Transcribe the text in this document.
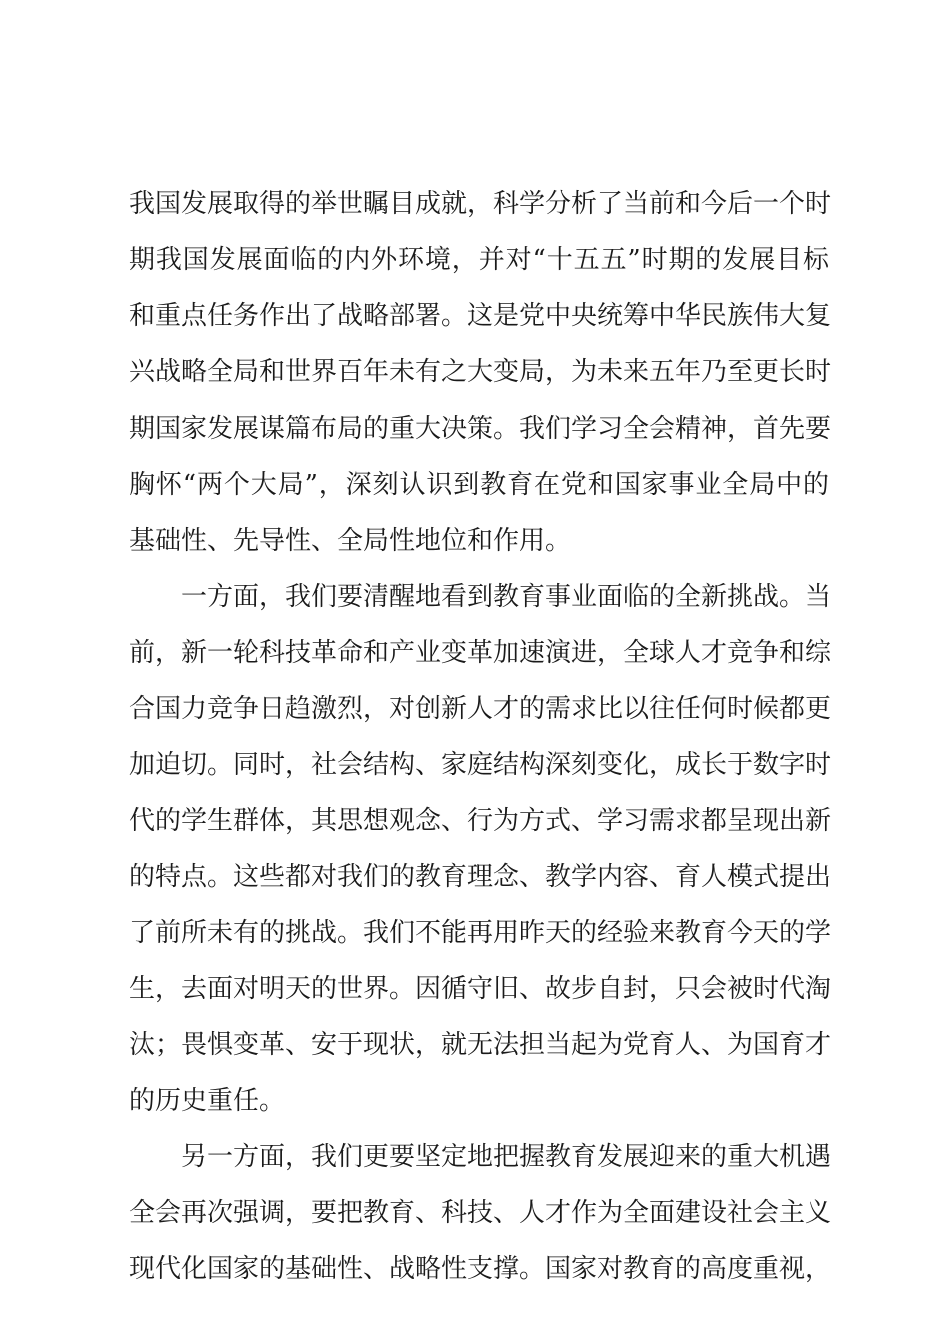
我国发展取得的举世瞩目成就，科学分析了当前和今后一个时
期我国发展面临的内外环境，并对“十五五”时期的发展目标
和重点任务作出了战略部署。这是党中央统筹中华民族伟大复
兴战略全局和世界百年未有之大变局，为未来五年乃至更长时
期国家发展谋篇布局的重大决策。我们学习全会精神，首先要
胸怀“两个大局”，深刻认识到教育在党和国家事业全局中的
基础性、先导性、全局性地位和作用。
一方面，我们要清醒地看到教育事业面临的全新挑战。当
前，新一轮科技革命和产业变革加速演进，全球人才竞争和综
合国力竞争日趋激烈，对创新人才的需求比以往任何时候都更
加迫切。同时，社会结构、家庭结构深刻变化，成长于数字时
代的学生群体，其思想观念、行为方式、学习需求都呈现出新
的特点。这些都对我们的教育理念、教学内容、育人模式提出
了前所未有的挑战。我们不能再用昨天的经验来教育今天的学
生，去面对明天的世界。因循守旧、故步自封，只会被时代淘
汰；畏惧变革、安于现状，就无法担当起为党育人、为国育才
的历史重任。
另一方面，我们更要坚定地把握教育发展迎来的重大机遇
全会再次强调，要把教育、科技、人才作为全面建设社会主义
现代化国家的基础性、战略性支撑。国家对教育的高度重视，
